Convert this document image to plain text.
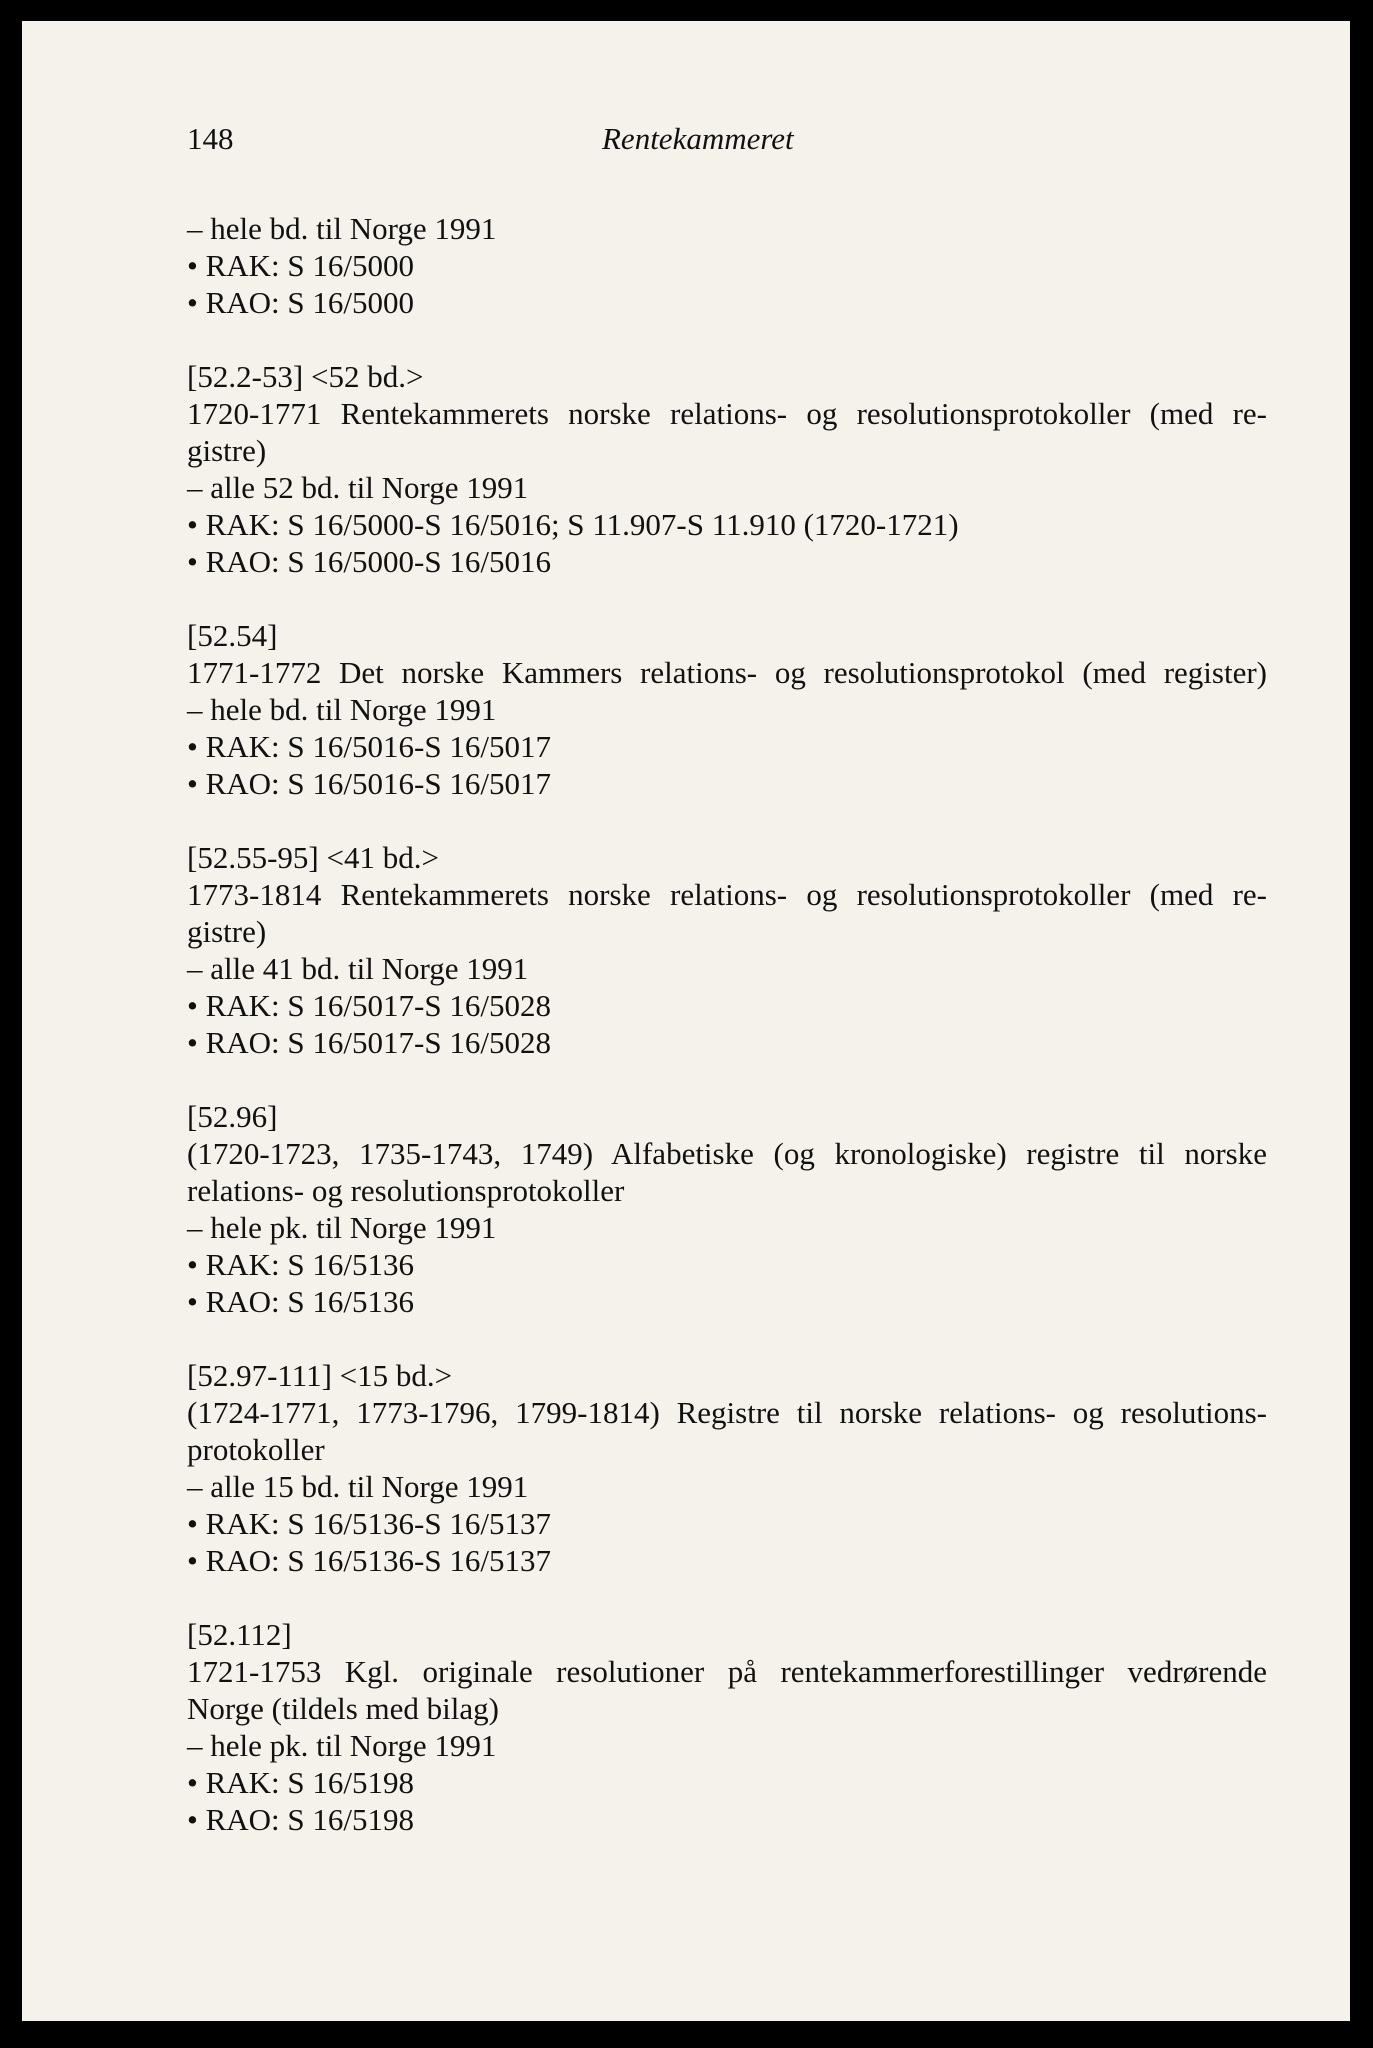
148	Rentekammeret
– hele bd. til Norge 1991
• RAK: S 16/5000
• RAO: S 16/5000
[52.2-53] <52 bd.>
1720-1771 Rentekammerets norske relations- og resolutionsprotokoller (med re-
gistre)
– alle 52 bd. til Norge 1991
• RAK: S 16/5000-S 16/5016; S 11.907-S 11.910 (1720-1721)
• RAO: S 16/5000-S 16/5016
[52.54]
1771-1772 Det norske Kammers relations- og resolutionsprotokol (med register)
– hele bd. til Norge 1991
• RAK: S 16/5016-S 16/5017
• RAO: S 16/5016-S 16/5017
[52.55-95] <41 bd.>
1773-1814 Rentekammerets norske relations- og resolutionsprotokoller (med re-
gistre)
– alle 41 bd. til Norge 1991
• RAK: S 16/5017-S 16/5028
• RAO: S 16/5017-S 16/5028
[52.96]
(1720-1723, 1735-1743, 1749) Alfabetiske (og kronologiske) registre til norske
relations- og resolutionsprotokoller
– hele pk. til Norge 1991
• RAK: S 16/5136
• RAO: S 16/5136
[52.97-111] <15 bd.>
(1724-1771, 1773-1796, 1799-1814) Registre til norske relations- og resolutions-
protokoller
– alle 15 bd. til Norge 1991
• RAK: S 16/5136-S 16/5137
• RAO: S 16/5136-S 16/5137
[52.112]
1721-1753 Kgl. originale resolutioner på rentekammerforestillinger vedrørende
Norge (tildels med bilag)
– hele pk. til Norge 1991
• RAK: S 16/5198
• RAO: S 16/5198
